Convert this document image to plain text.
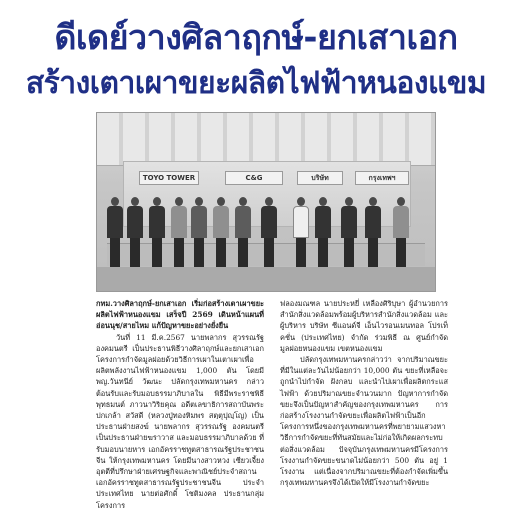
ดีเดย์วางศิลาฤกษ์-ยกเสาเอก
สร้างเตาเผาขยะผลิตไฟฟ้าหนองแขม
TOYO TOWER	C&G	บริษัท	กรุงเทพฯ

กทม.วางศิลาฤกษ์-ยกเสาเอก เริ่มก่อสร้างเตาเผาขยะผลิตไฟฟ้าหนองแขม เสร็จปี 2569 เดินหน้าแผนที่อ่อนนุช/สายไหม แก้ปัญหาขยะอย่างยั่งยืน

วันที่ 11 มี.ค.2567 นายพลากร สุวรรณรัฐ องคมนตรี เป็นประธานพิธีวางศิลาฤกษ์และยกเสาเอกโครงการกำจัดมูลฝอยด้วยวิธีการเผาในเตาเผาเพื่อผลิตพลังงานไฟฟ้าหนองแขม 1,000 ตัน โดยมี พญ.วันทนีย์ วัฒนะ ปลัดกรุงเทพมหานคร กล่าวต้อนรับและรับมอบธรรมาภิบาลใน พิธีมีพระราชพิธีพุทธมนต์ ภาวนาวิริยคุณ อดีตเลขาธิการสถาบันพระปกเกล้า สวัสดี (หลวงปู่ทองหิมพร สตฺตุปุญฺโญ) เป็นประธานฝ่ายสงฆ์ นายพลากร สุวรรณรัฐ องคมนตรี เป็นประธานฝ่ายฆราวาส และมอบธรรมาภิบาลด้วย ที่รับมอบนายหาร เอกอัครราชทูตสาธารณรัฐประชาชนจีน ให้กรุงเทพมหานคร โดยมีนางสาวหวง เซียวเจี้ยง อุตตีที่ปรึกษาฝ่ายเศรษฐกิจและพาณิชย์ประจำสถานเอกอัครราชทูตสาธารณรัฐประชาชนจีน ประจำประเทศไทย นายต่อศักดิ์ โชติมงคล ประธานกลุ่มโครงการ

ฟลองมณฑล นายประหยี่ เหลืองศิริบุษา ผู้อำนวยการสำนักสิ่งแวดล้อมพร้อมผู้บริหารสำนักสิ่งแวดล้อม และผู้บริหาร บริษัท ซีแอนด์จี เอ็นไวรอนเมนทอล โปรเท็คชั่น (ประเทศไทย) จำกัด ร่วมพิธี ณ ศูนย์กำจัดมูลฝอยหนองแขม เขตหนองแขม

ปลัดกรุงเทพมหานครกล่าวว่า จากปริมาณขยะที่มีในแต่ละวันไม่น้อยกว่า 10,000 ตัน ขยะที่เหลือจะถูกนำไปกำจัด ฝังกลบ และนำไปเผาเพื่อผลิตกระแสไฟฟ้า ด้วยปริมาณขยะจำนวนมาก ปัญหาการกำจัดขยะจึงเป็นปัญหาสำคัญของกรุงเทพมหานคร การก่อสร้างโรงงานกำจัดขยะเพื่อผลิตไฟฟ้าเป็นอีกโครงการหนึ่งของกรุงเทพมหานครที่พยายามแสวงหาวิธีการกำจัดขยะที่ทันสมัยและไม่ก่อให้เกิดผลกระทบต่อสิ่งแวดล้อม ปัจจุบันกรุงเทพมหานครมีโครงการโรงงานกำจัดขยะขนาดไม่น้อยกว่า 500 ตัน อยู่ 1 โรงงาน แต่เนื่องจากปริมาณขยะที่ต้องกำจัดเพิ่มขึ้น กรุงเทพมหานครจึงได้เปิดให้มีโรงงานกำจัดขยะ
